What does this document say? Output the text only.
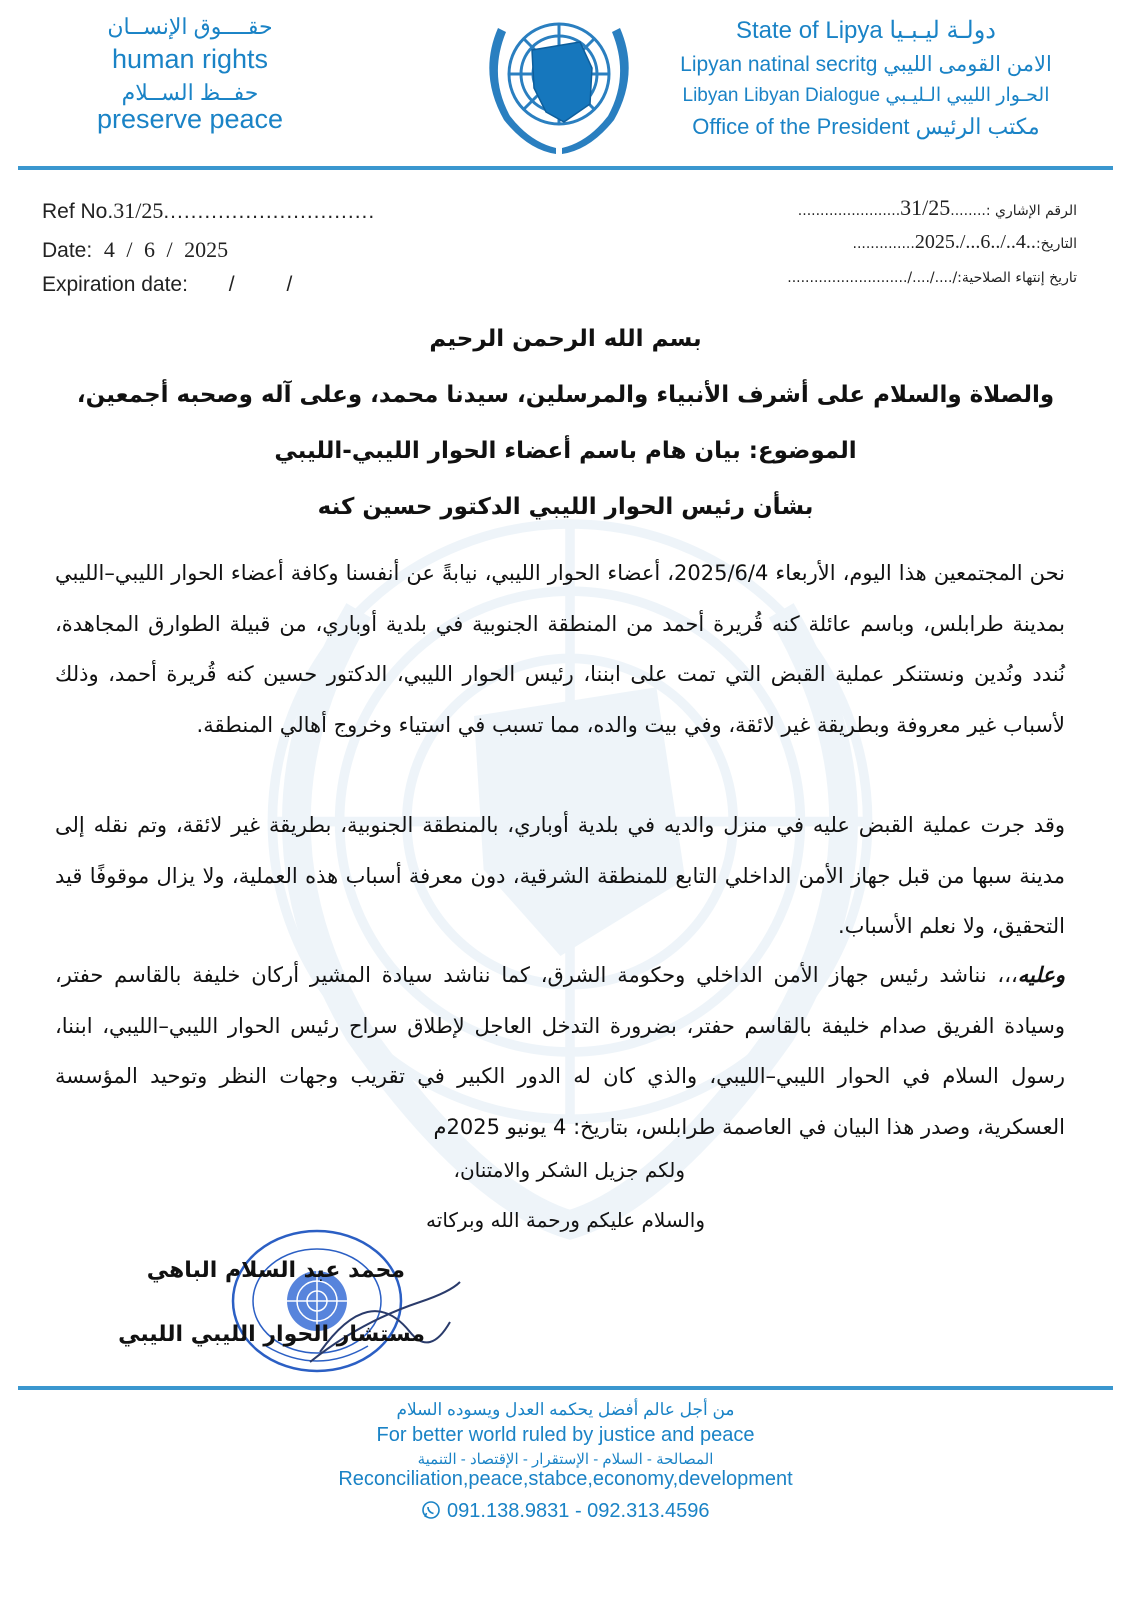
حقــــوق الإنســان
human rights
حفــظ الســلام
preserve peace
State of Lipya دولـة ليـبـيا
Lipyan natinal secritg الامن القومى الليبي
Libyan Libyan Dialogue الحـوار الليبي الـليـبي
Office of the President مكتب الرئيس
Ref No.31/25...............................
Date: 4 / 6 / 2025
Expiration date: / /
الرقم الإشاري :........31/25.......................
التاريخ:2025./...6../..4................
تاريخ إنتهاء الصلاحية:..../..../..../.......................
بسم الله الرحمن الرحيم
والصلاة والسلام على أشرف الأنبياء والمرسلين، سيدنا محمد، وعلى آله وصحبه أجمعين،
الموضوع: بيان هام باسم أعضاء الحوار الليبي-الليبي
بشأن رئيس الحوار الليبي الدكتور حسين كنه
نحن المجتمعين هذا اليوم، الأربعاء 2025/6/4، أعضاء الحوار الليبي، نيابةً عن أنفسنا وكافة أعضاء الحوار الليبي–الليبي بمدينة طرابلس، وباسم عائلة كنه قُريرة أحمد من المنطقة الجنوبية في بلدية أوباري، من قبيلة الطوارق المجاهدة، نُندد ونُدين ونستنكر عملية القبض التي تمت على ابننا، رئيس الحوار الليبي، الدكتور حسين كنه قُريرة أحمد، وذلك لأسباب غير معروفة وبطريقة غير لائقة، وفي بيت والده، مما تسبب في استياء وخروج أهالي المنطقة.
وقد جرت عملية القبض عليه في منزل والديه في بلدية أوباري، بالمنطقة الجنوبية، بطريقة غير لائقة، وتم نقله إلى مدينة سبها من قبل جهاز الأمن الداخلي التابع للمنطقة الشرقية، دون معرفة أسباب هذه العملية، ولا يزال موقوفًا قيد التحقيق، ولا نعلم الأسباب.
وعليه،،، نناشد رئيس جهاز الأمن الداخلي وحكومة الشرق، كما نناشد سيادة المشير أركان خليفة بالقاسم حفتر، وسيادة الفريق صدام خليفة بالقاسم حفتر، بضرورة التدخل العاجل لإطلاق سراح رئيس الحوار الليبي–الليبي، ابننا، رسول السلام في الحوار الليبي–الليبي، والذي كان له الدور الكبير في تقريب وجهات النظر وتوحيد المؤسسة العسكرية، وصدر هذا البيان في العاصمة طرابلس، بتاريخ: 4 يونيو 2025م
ولكم جزيل الشكر والامتنان،
والسلام عليكم ورحمة الله وبركاته
محمد عبد السلام الباهي
مستشار الحوار الليبي الليبي
من أجل عالم أفضل يحكمه العدل ويسوده السلام
For better world ruled by justice and peace
المصالحة - السلام - الإستقرار - الإقتصاد - التنمية
Reconciliation,peace,stabce,economy,development
091.138.9831 - 092.313.4596
